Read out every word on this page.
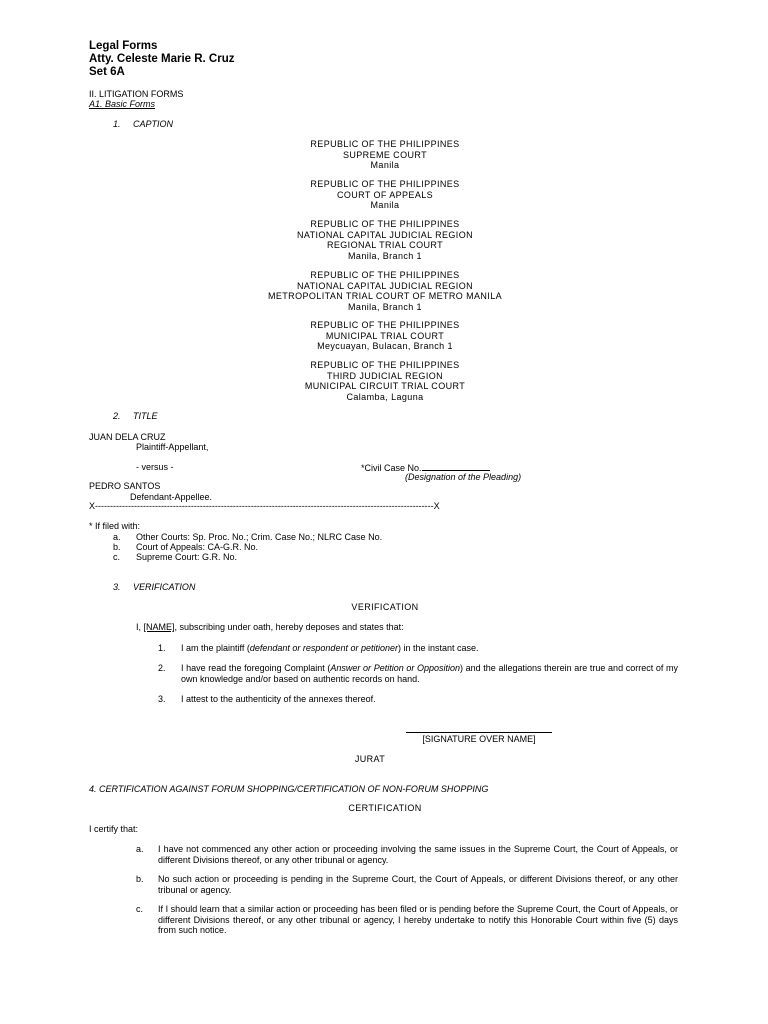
Legal Forms
Atty. Celeste Marie R. Cruz
Set 6A
II. LITIGATION FORMS
A1. Basic Forms
1.     CAPTION
REPUBLIC OF THE PHILIPPINES
SUPREME COURT
Manila
REPUBLIC OF THE PHILIPPINES
COURT OF APPEALS
Manila
REPUBLIC OF THE PHILIPPINES
NATIONAL CAPITAL JUDICIAL REGION
REGIONAL TRIAL COURT
Manila, Branch 1
REPUBLIC OF THE PHILIPPINES
NATIONAL CAPITAL JUDICIAL REGION
METROPOLITAN TRIAL COURT OF METRO MANILA
Manila, Branch 1
REPUBLIC OF THE PHILIPPINES
MUNICIPAL TRIAL COURT
Meycuayan, Bulacan, Branch 1
REPUBLIC OF THE PHILIPPINES
THIRD JUDICIAL REGION
MUNICIPAL CIRCUIT TRIAL COURT
Calamba, Laguna
2.     TITLE
JUAN DELA CRUZ
Plaintiff-Appellant,
- versus -	*Civil Case No.
(Designation of the Pleading)
PEDRO SANTOS
Defendant-Appellee.
X-----------------------------------------------------------------------------------------------------------------X
* If filed with:
a. Other Courts: Sp. Proc. No.; Crim. Case No.; NLRC Case No.
b. Court of Appeals: CA-G.R. No.
c. Supreme Court: G.R. No.
3.     VERIFICATION
VERIFICATION
I, [NAME], subscribing under oath, hereby deposes and states that:
1. I am the plaintiff (defendant or respondent or petitioner) in the instant case.
2. I have read the foregoing Complaint (Answer or Petition or Opposition) and the allegations therein are true and correct of my own knowledge and/or based on authentic records on hand.
3. I attest to the authenticity of the annexes thereof.
[SIGNATURE OVER NAME]
JURAT
4. CERTIFICATION AGAINST FORUM SHOPPING/CERTIFICATION OF NON-FORUM SHOPPING
CERTIFICATION
I certify that:
a. I have not commenced any other action or proceeding involving the same issues in the Supreme Court, the Court of Appeals, or different Divisions thereof, or any other tribunal or agency.
b. No such action or proceeding is pending in the Supreme Court, the Court of Appeals, or different Divisions thereof, or any other tribunal or agency.
c. If I should learn that a similar action or proceeding has been filed or is pending before the Supreme Court, the Court of Appeals, or different Divisions thereof, or any other tribunal or agency, I hereby undertake to notify this Honorable Court within five (5) days from such notice.
